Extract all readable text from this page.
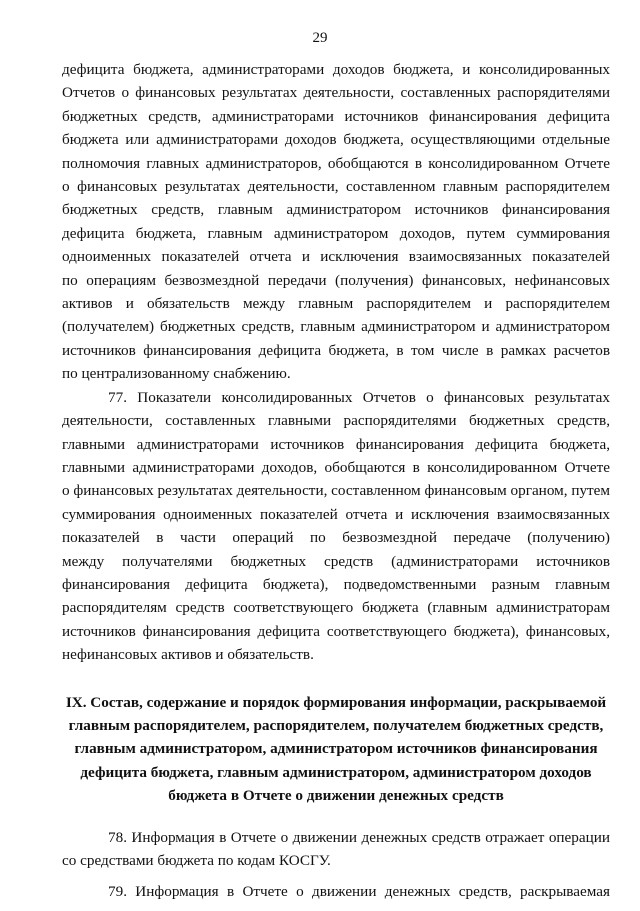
29
дефицита бюджета, администраторами доходов бюджета, и консолидированных
Отчетов о финансовых результатах деятельности, составленных распорядителями
бюджетных средств, администраторами источников финансирования дефицита
бюджета или администраторами доходов бюджета, осуществляющими отдельные
полномочия главных администраторов, обобщаются в консолидированном Отчете
о финансовых результатах деятельности, составленном главным распорядителем
бюджетных средств, главным администратором источников финансирования
дефицита бюджета, главным администратором доходов, путем суммирования
одноименных показателей отчета и исключения взаимосвязанных показателей
по операциям безвозмездной передачи (получения) финансовых, нефинансовых
активов и обязательств между главным распорядителем и распорядителем
(получателем) бюджетных средств, главным администратором и администратором
источников финансирования дефицита бюджета, в том числе в рамках расчетов
по централизованному снабжению.
77. Показатели консолидированных Отчетов о финансовых результатах
деятельности, составленных главными распорядителями бюджетных средств,
главными администраторами источников финансирования дефицита бюджета,
главными администраторами доходов, обобщаются в консолидированном Отчете
о финансовых результатах деятельности, составленном финансовым органом, путем
суммирования одноименных показателей отчета и исключения взаимосвязанных
показателей в части операций по безвозмездной передаче (получению)
между получателями бюджетных средств (администраторами источников
финансирования дефицита бюджета), подведомственными разным главным
распорядителям средств соответствующего бюджета (главным администраторам
источников финансирования дефицита соответствующего бюджета), финансовых,
нефинансовых активов и обязательств.
IX. Состав, содержание и порядок формирования информации, раскрываемой
главным распорядителем, распорядителем, получателем бюджетных средств,
главным администратором, администратором источников финансирования
дефицита бюджета, главным администратором, администратором доходов
бюджета в Отчете о движении денежных средств
78. Информация в Отчете о движении денежных средств отражает операции
со средствами бюджета по кодам КОСГУ.
79. Информация в Отчете о движении денежных средств, раскрываемая
